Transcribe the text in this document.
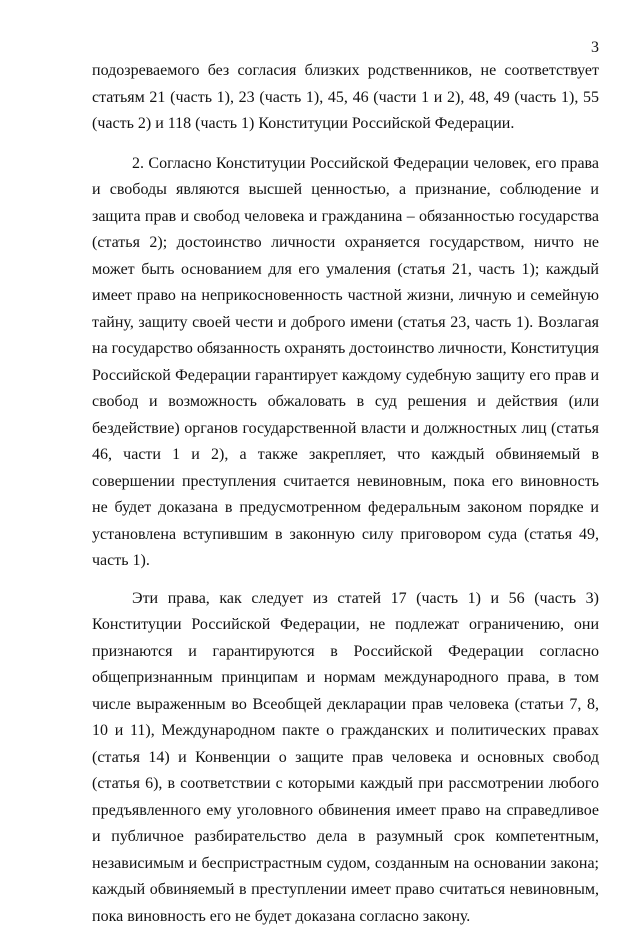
3

подозреваемого без согласия близких родственников, не соответствует статьям 21 (часть 1), 23 (часть 1), 45, 46 (части 1 и 2), 48, 49 (часть 1), 55 (часть 2) и 118 (часть 1) Конституции Российской Федерации.

2. Согласно Конституции Российской Федерации человек, его права и свободы являются высшей ценностью, а признание, соблюдение и защита прав и свобод человека и гражданина – обязанностью государства (статья 2); достоинство личности охраняется государством, ничто не может быть основанием для его умаления (статья 21, часть 1); каждый имеет право на неприкосновенность частной жизни, личную и семейную тайну, защиту своей чести и доброго имени (статья 23, часть 1). Возлагая на государство обязанность охранять достоинство личности, Конституция Российской Федерации гарантирует каждому судебную защиту его прав и свобод и возможность обжаловать в суд решения и действия (или бездействие) органов государственной власти и должностных лиц (статья 46, части 1 и 2), а также закрепляет, что каждый обвиняемый в совершении преступления считается невиновным, пока его виновность не будет доказана в предусмотренном федеральным законом порядке и установлена вступившим в законную силу приговором суда (статья 49, часть 1).

Эти права, как следует из статей 17 (часть 1) и 56 (часть 3) Конституции Российской Федерации, не подлежат ограничению, они признаются и гарантируются в Российской Федерации согласно общепризнанным принципам и нормам международного права, в том числе выраженным во Всеобщей декларации прав человека (статьи 7, 8, 10 и 11), Международном пакте о гражданских и политических правах (статья 14) и Конвенции о защите прав человека и основных свобод (статья 6), в соответствии с которыми каждый при рассмотрении любого предъявленного ему уголовного обвинения имеет право на справедливое и публичное разбирательство дела в разумный срок компетентным, независимым и беспристрастным судом, созданным на основании закона; каждый обвиняемый в преступлении имеет право считаться невиновным, пока виновность его не будет доказана согласно закону.
